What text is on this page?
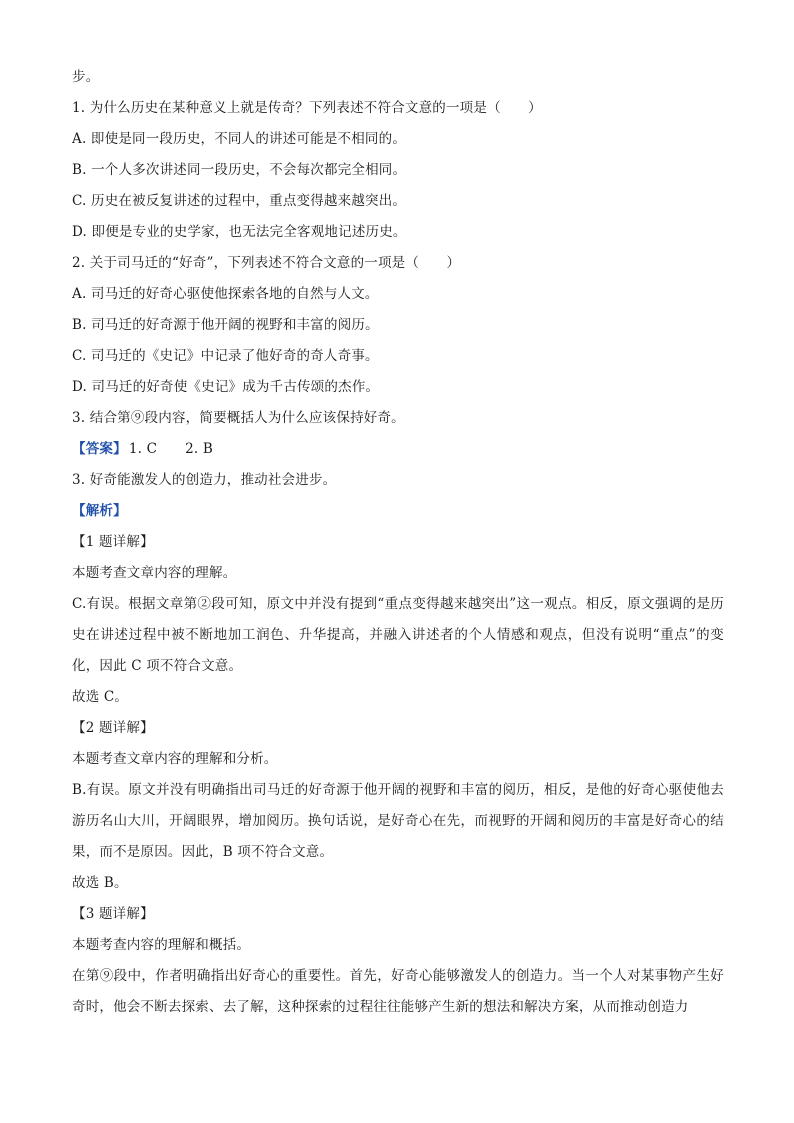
步。
1. 为什么历史在某种意义上就是传奇？下列表述不符合文意的一项是（　　）
A. 即使是同一段历史，不同人的讲述可能是不相同的。
B. 一个人多次讲述同一段历史，不会每次都完全相同。
C. 历史在被反复讲述的过程中，重点变得越来越突出。
D. 即便是专业的史学家，也无法完全客观地记述历史。
2. 关于司马迁的“好奇”，下列表述不符合文意的一项是（　　）
A. 司马迁的好奇心驱使他探索各地的自然与人文。
B. 司马迁的好奇源于他开阔的视野和丰富的阅历。
C. 司马迁的《史记》中记录了他好奇的奇人奇事。
D. 司马迁的好奇使《史记》成为千古传颂的杰作。
3. 结合第⑨段内容，简要概括人为什么应该保持好奇。
【答案】 1. C 2. B
3. 好奇能激发人的创造力，推动社会进步。
【解析】
【1 题详解】
本题考查文章内容的理解。
C.有误。根据文章第②段可知，原文中并没有提到“重点变得越来越突出”这一观点。相反，原文强调的是历史在讲述过程中被不断地加工润色、升华提高，并融入讲述者的个人情感和观点，但没有说明“重点”的变化，因此 C 项不符合文意。
故选 C。
【2 题详解】
本题考查文章内容的理解和分析。
B.有误。原文并没有明确指出司马迁的好奇源于他开阔的视野和丰富的阅历，相反，是他的好奇心驱使他去游历名山大川，开阔眼界，增加阅历。换句话说，是好奇心在先，而视野的开阔和阅历的丰富是好奇心的结果，而不是原因。因此，B 项不符合文意。
故选 B。
【3 题详解】
本题考查内容的理解和概括。
在第⑨段中，作者明确指出好奇心的重要性。首先，好奇心能够激发人的创造力。当一个人对某事物产生好奇时，他会不断去探索、去了解，这种探索的过程往往能够产生新的想法和解决方案，从而推动创造力
